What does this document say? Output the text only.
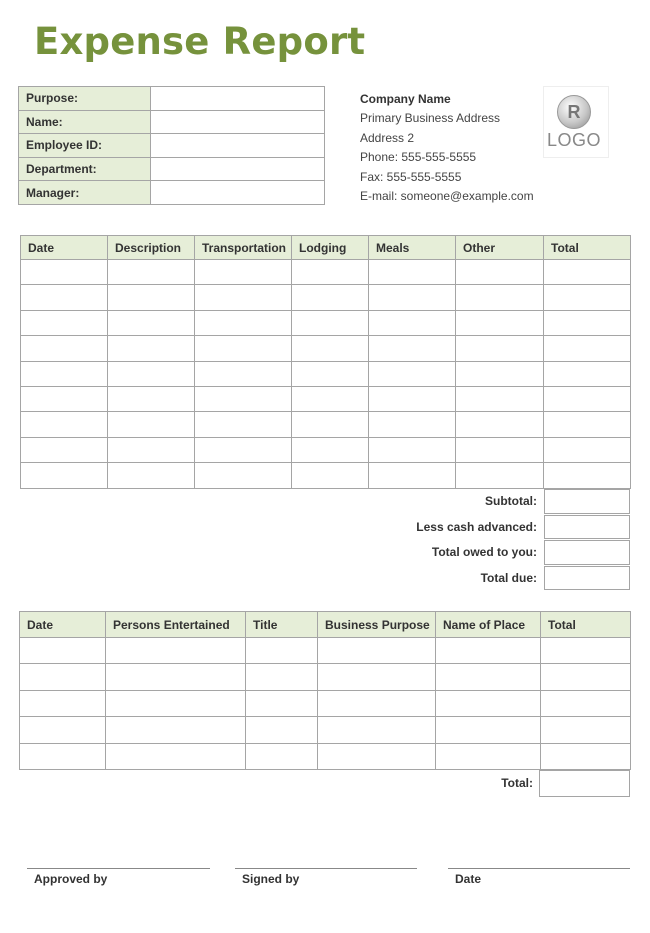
Expense Report
Purpose:	
Name:	
Employee ID:	
Department:	
Manager:	
Company Name
Primary Business Address
Address 2
Phone: 555-555-5555
Fax: 555-555-5555
E-mail: someone@example.com
R
LOGO
Date	Description	Transportation	Lodging	Meals	Other	Total

Subtotal:
Less cash advanced:
Total owed to you:
Total due:
Date	Persons Entertained	Title	Business Purpose	Name of Place	Total

Total:
Approved by	Signed by	Date
